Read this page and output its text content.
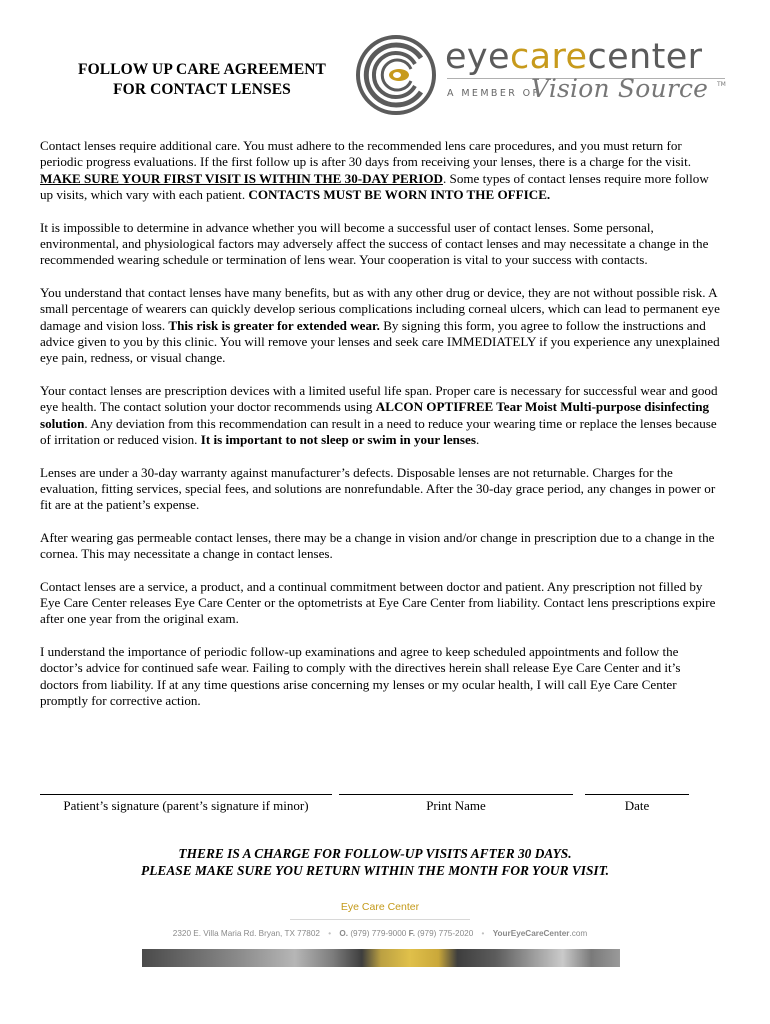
FOLLOW UP CARE AGREEMENT
FOR CONTACT LENSES
eyecarecenter
A MEMBER OF
Vision Source TM

Contact lenses require additional care. You must adhere to the recommended lens care procedures, and you must return for periodic progress evaluations. If the first follow up is after 30 days from receiving your lenses, there is a charge for the visit. MAKE SURE YOUR FIRST VISIT IS WITHIN THE 30-DAY PERIOD. Some types of contact lenses require more follow up visits, which vary with each patient. CONTACTS MUST BE WORN INTO THE OFFICE.

It is impossible to determine in advance whether you will become a successful user of contact lenses. Some personal, environmental, and physiological factors may adversely affect the success of contact lenses and may necessitate a change in the recommended wearing schedule or termination of lens wear. Your cooperation is vital to your success with contacts.

You understand that contact lenses have many benefits, but as with any other drug or device, they are not without possible risk. A small percentage of wearers can quickly develop serious complications including corneal ulcers, which can lead to permanent eye damage and vision loss. This risk is greater for extended wear. By signing this form, you agree to follow the instructions and advice given to you by this clinic. You will remove your lenses and seek care IMMEDIATELY if you experience any unexplained eye pain, redness, or visual change.

Your contact lenses are prescription devices with a limited useful life span. Proper care is necessary for successful wear and good eye health. The contact solution your doctor recommends using ALCON OPTIFREE Tear Moist Multi-purpose disinfecting solution. Any deviation from this recommendation can result in a need to reduce your wearing time or replace the lenses because of irritation or reduced vision. It is important to not sleep or swim in your lenses.

Lenses are under a 30-day warranty against manufacturer’s defects. Disposable lenses are not returnable. Charges for the evaluation, fitting services, special fees, and solutions are nonrefundable. After the 30-day grace period, any changes in power or fit are at the patient’s expense.

After wearing gas permeable contact lenses, there may be a change in vision and/or change in prescription due to a change in the cornea. This may necessitate a change in contact lenses.

Contact lenses are a service, a product, and a continual commitment between doctor and patient. Any prescription not filled by Eye Care Center releases Eye Care Center or the optometrists at Eye Care Center from liability. Contact lens prescriptions expire after one year from the original exam.

I understand the importance of periodic follow-up examinations and agree to keep scheduled appointments and follow the doctor’s advice for continued safe wear. Failing to comply with the directives herein shall release Eye Care Center and it’s doctors from liability. If at any time questions arise concerning my lenses or my ocular health, I will call Eye Care Center promptly for corrective action.

Patient’s signature (parent’s signature if minor)	Print Name	Date
THERE IS A CHARGE FOR FOLLOW-UP VISITS AFTER 30 DAYS.
PLEASE MAKE SURE YOU RETURN WITHIN THE MONTH FOR YOUR VISIT.
Eye Care Center
2320 E. Villa Maria Rd. Bryan, TX 77802 • O. (979) 779-9000 F. (979) 775-2020 • YourEyeCareCenter.com
